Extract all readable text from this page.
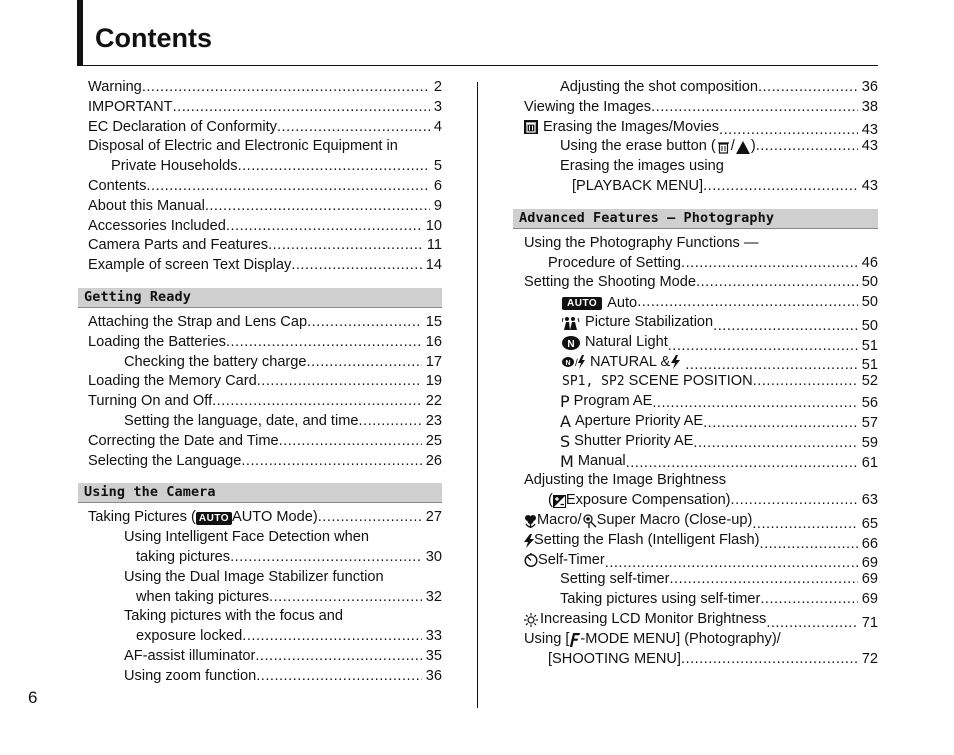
Contents
Warning .....	2
IMPORTANT .....	3
EC Declaration of Conformity .....	4
Disposal of Electric and Electronic Equipment in
Private Households .....	5
Contents .....	6
About this Manual .....	9
Accessories Included .....	10
Camera Parts and Features .....	11
Example of screen Text Display .....	14
Getting Ready
Attaching the Strap and Lens Cap .....	15
Loading the Batteries .....	16
Checking the battery charge .....	17
Loading the Memory Card .....	19
Turning On and Off .....	22
Setting the language, date, and time .....	23
Correcting the Date and Time .....	25
Selecting the Language .....	26
Using the Camera
Taking Pictures ( AUTO AUTO Mode) .....	27
Using Intelligent Face Detection when
taking pictures .....	30
Using the Dual Image Stabilizer function
when taking pictures .....	32
Taking pictures with the focus and
exposure locked .....	33
AF-assist illuminator .....	35
Using zoom function .....	36
Adjusting the shot composition .....	36
Viewing the Images .....	38
Erasing the Images/Movies .....	43
Using the erase button ( / ) .....	43
Erasing the images using
[PLAYBACK MENU] .....	43
Advanced Features — Photography
Using the Photography Functions —
Procedure of Setting .....	46
Setting the Shooting Mode .....	50
AUTO Auto .....	50
Picture Stabilization .....	50
N Natural Light .....	51
N / NATURAL & .....	51
SP1, SP2 SCENE POSITION .....	52
P Program AE .....	56
A Aperture Priority AE .....	57
S Shutter Priority AE .....	59
M Manual .....	61
Adjusting the Image Brightness
( Exposure Compensation) .....	63
Macro/ Super Macro (Close-up) .....	65
Setting the Flash (Intelligent Flash) .....	66
Self-Timer .....	69
Setting self-timer .....	69
Taking pictures using self-timer .....	69
Increasing LCD Monitor Brightness .....	71
Using [ -MODE MENU] (Photography)/
[SHOOTING MENU] .....	72
6
